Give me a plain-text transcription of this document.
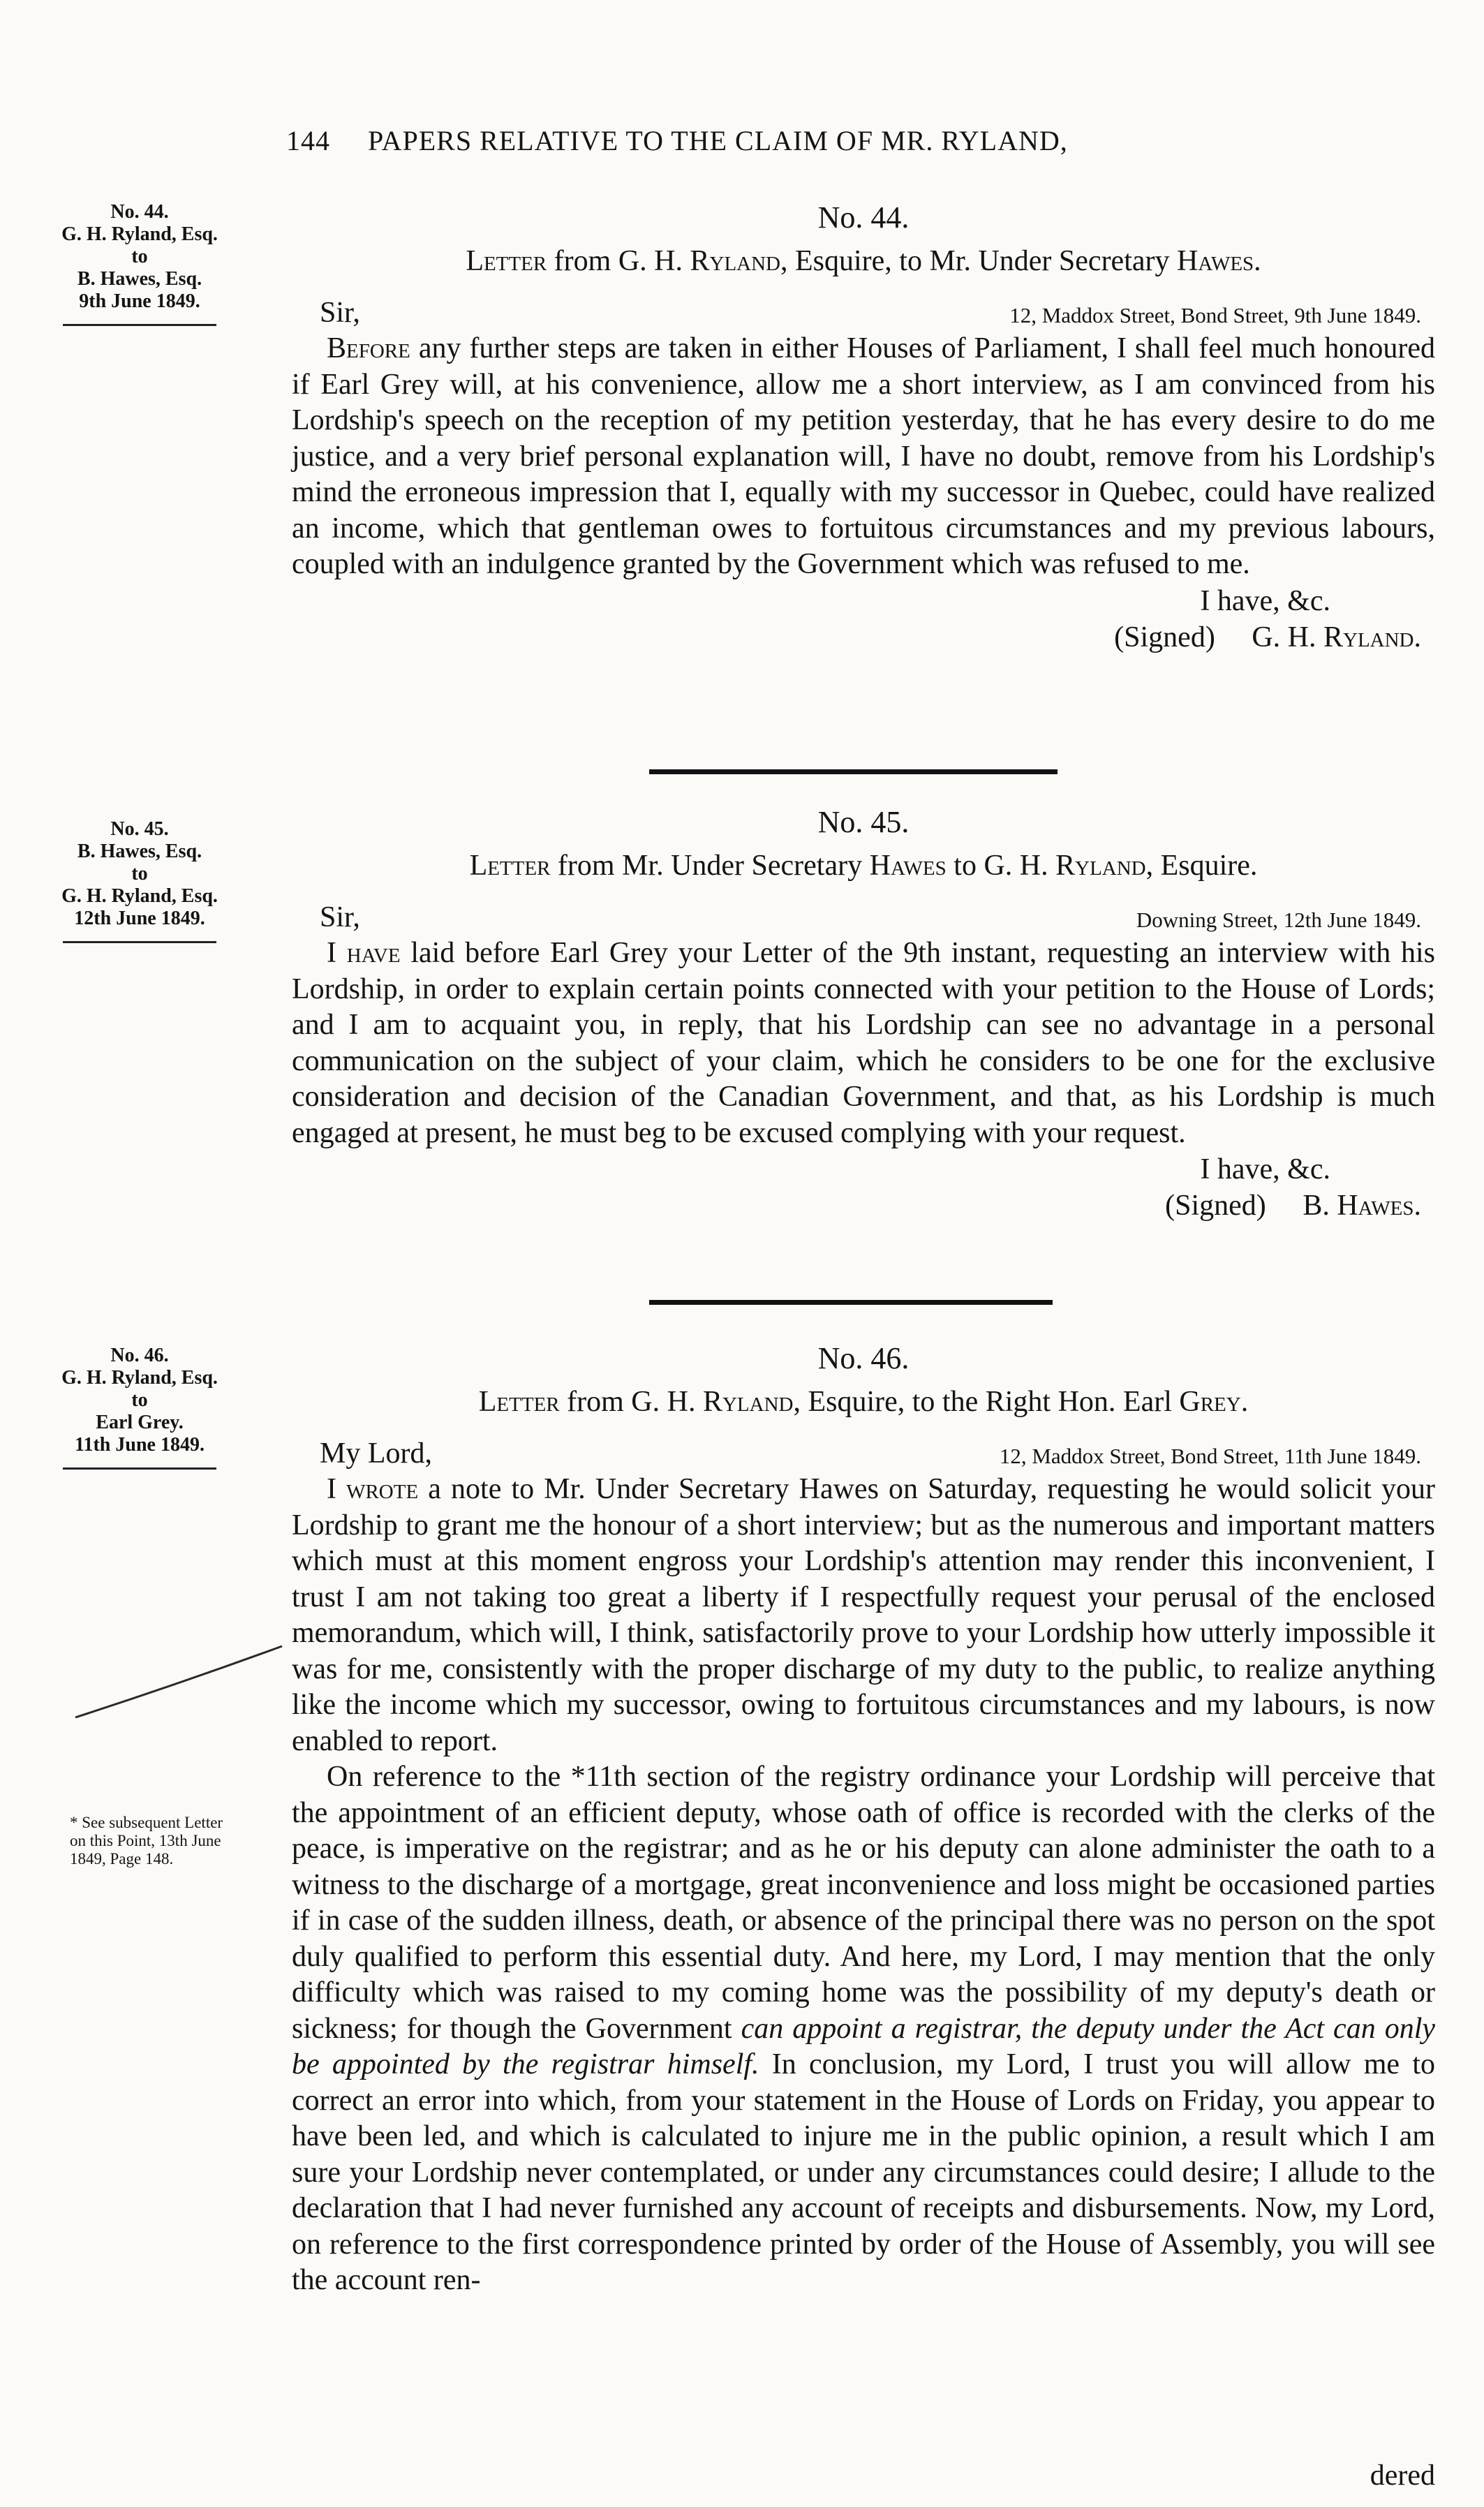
144 PAPERS RELATIVE TO THE CLAIM OF MR. RYLAND,
No. 44.
G. H. Ryland, Esq.
to
B. Hawes, Esq.
9th June 1849.
No. 44.
Letter from G. H. Ryland, Esquire, to Mr. Under Secretary Hawes.
Sir,	12, Maddox Street, Bond Street, 9th June 1849.

Before any further steps are taken in either Houses of Parliament, I shall feel much honoured if Earl Grey will, at his convenience, allow me a short interview, as I am convinced from his Lordship's speech on the reception of my petition yesterday, that he has every desire to do me justice, and a very brief personal explanation will, I have no doubt, remove from his Lordship's mind the erroneous impression that I, equally with my successor in Quebec, could have realized an income, which that gentleman owes to fortuitous circumstances and my previous labours, coupled with an indulgence granted by the Government which was refused to me.

I have, &c.
(Signed) G. H. Ryland.
No. 45.
B. Hawes, Esq.
to
G. H. Ryland, Esq.
12th June 1849.
No. 45.
Letter from Mr. Under Secretary Hawes to G. H. Ryland, Esquire.
Sir,	Downing Street, 12th June 1849.

I have laid before Earl Grey your Letter of the 9th instant, requesting an interview with his Lordship, in order to explain certain points connected with your petition to the House of Lords; and I am to acquaint you, in reply, that his Lordship can see no advantage in a personal communication on the subject of your claim, which he considers to be one for the exclusive consideration and decision of the Canadian Government, and that, as his Lordship is much engaged at present, he must beg to be excused complying with your request.

I have, &c.
(Signed) B. Hawes.
No. 46.
G. H. Ryland, Esq.
to
Earl Grey.
11th June 1849.
* See subsequent Letter on this Point, 13th June 1849, Page 148.
No. 46.
Letter from G. H. Ryland, Esquire, to the Right Hon. Earl Grey.
My Lord,	12, Maddox Street, Bond Street, 11th June 1849.

I wrote a note to Mr. Under Secretary Hawes on Saturday, requesting he would solicit your Lordship to grant me the honour of a short interview; but as the numerous and important matters which must at this moment engross your Lordship's attention may render this inconvenient, I trust I am not taking too great a liberty if I respectfully request your perusal of the enclosed memorandum, which will, I think, satisfactorily prove to your Lordship how utterly impossible it was for me, consistently with the proper discharge of my duty to the public, to realize anything like the income which my successor, owing to fortuitous circumstances and my labours, is now enabled to report.

On reference to the *11th section of the registry ordinance your Lordship will perceive that the appointment of an efficient deputy, whose oath of office is recorded with the clerks of the peace, is imperative on the registrar; and as he or his deputy can alone administer the oath to a witness to the discharge of a mortgage, great inconvenience and loss might be occasioned parties if in case of the sudden illness, death, or absence of the principal there was no person on the spot duly qualified to perform this essential duty. And here, my Lord, I may mention that the only difficulty which was raised to my coming home was the possibility of my deputy's death or sickness; for though the Government can appoint a registrar, the deputy under the Act can only be appointed by the registrar himself. In conclusion, my Lord, I trust you will allow me to correct an error into which, from your statement in the House of Lords on Friday, you appear to have been led, and which is calculated to injure me in the public opinion, a result which I am sure your Lordship never contemplated, or under any circumstances could desire; I allude to the declaration that I had never furnished any account of receipts and disbursements. Now, my Lord, on reference to the first correspondence printed by order of the House of Assembly, you will see the account ren-

dered
